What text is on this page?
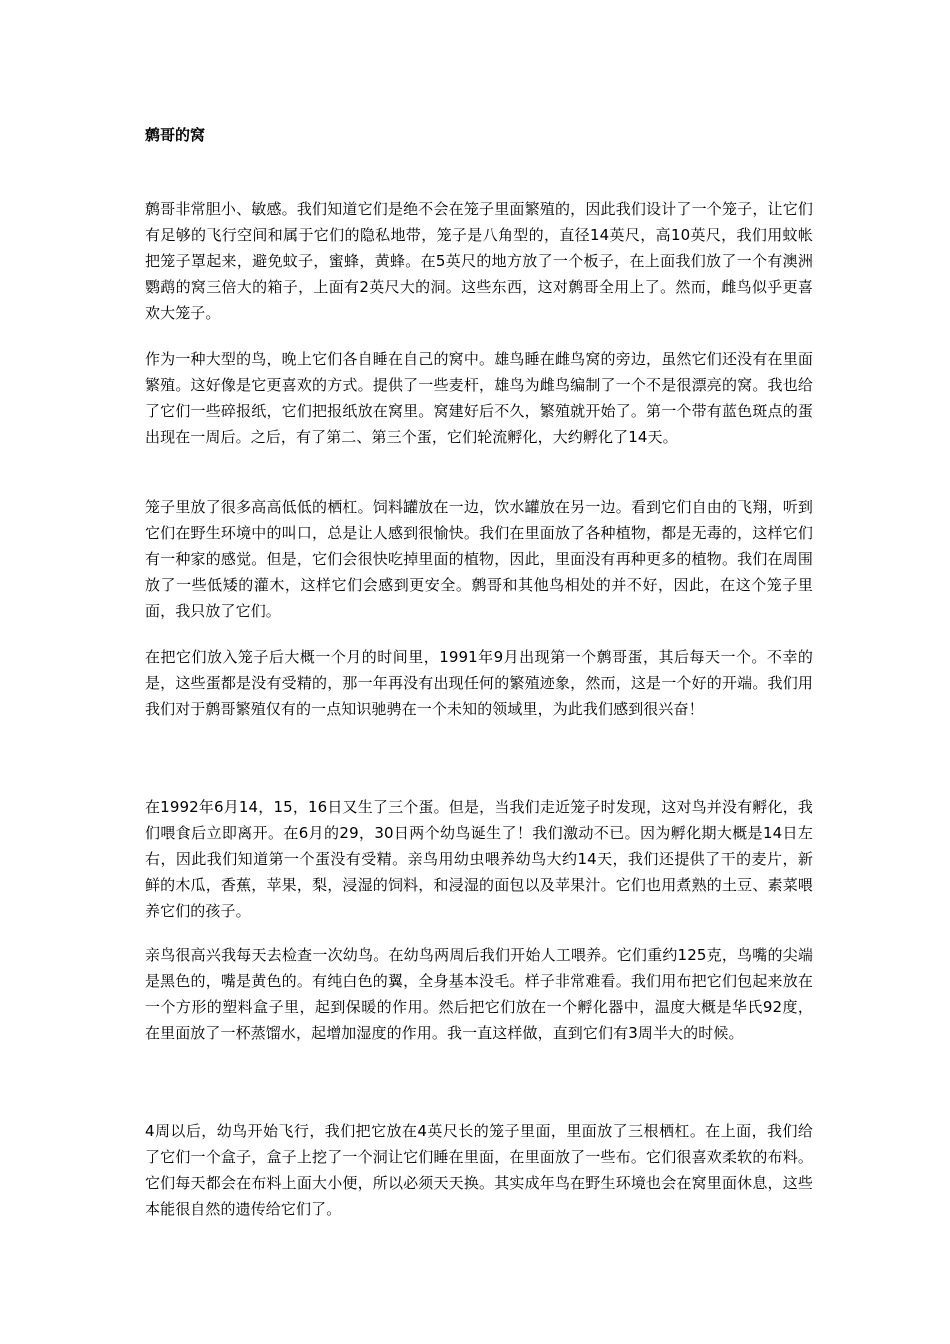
鹩哥的窝

鹩哥非常胆小、敏感。我们知道它们是绝不会在笼子里面繁殖的，因此我们设计了一个笼子，让它们有足够的飞行空间和属于它们的隐私地带，笼子是八角型的，直径14英尺，高10英尺，我们用蚊帐把笼子罩起来，避免蚊子，蜜蜂，黄蜂。在5英尺的地方放了一个板子，在上面我们放了一个有澳洲鹦鹉的窝三倍大的箱子，上面有2英尺大的洞。这些东西，这对鹩哥全用上了。然而，雌鸟似乎更喜欢大笼子。

作为一种大型的鸟，晚上它们各自睡在自己的窝中。雄鸟睡在雌鸟窝的旁边，虽然它们还没有在里面繁殖。这好像是它更喜欢的方式。提供了一些麦杆，雄鸟为雌鸟编制了一个不是很漂亮的窝。我也给了它们一些碎报纸，它们把报纸放在窝里。窝建好后不久，繁殖就开始了。第一个带有蓝色斑点的蛋出现在一周后。之后，有了第二、第三个蛋，它们轮流孵化，大约孵化了14天。

笼子里放了很多高高低低的栖杠。饲料罐放在一边，饮水罐放在另一边。看到它们自由的飞翔，听到它们在野生环境中的叫口，总是让人感到很愉快。我们在里面放了各种植物，都是无毒的，这样它们有一种家的感觉。但是，它们会很快吃掉里面的植物，因此，里面没有再种更多的植物。我们在周围放了一些低矮的灌木，这样它们会感到更安全。鹩哥和其他鸟相处的并不好，因此，在这个笼子里面，我只放了它们。

在把它们放入笼子后大概一个月的时间里，1991年9月出现第一个鹩哥蛋，其后每天一个。不幸的是，这些蛋都是没有受精的，那一年再没有出现任何的繁殖迹象，然而，这是一个好的开端。我们用我们对于鹩哥繁殖仅有的一点知识驰骋在一个未知的领域里，为此我们感到很兴奋！

在1992年6月14，15，16日又生了三个蛋。但是，当我们走近笼子时发现，这对鸟并没有孵化，我们喂食后立即离开。在6月的29，30日两个幼鸟诞生了！我们激动不已。因为孵化期大概是14日左右，因此我们知道第一个蛋没有受精。亲鸟用幼虫喂养幼鸟大约14天，我们还提供了干的麦片，新鲜的木瓜，香蕉，苹果，梨，浸湿的饲料，和浸湿的面包以及苹果汁。它们也用煮熟的土豆、素菜喂养它们的孩子。

亲鸟很高兴我每天去检查一次幼鸟。在幼鸟两周后我们开始人工喂养。它们重约125克，鸟嘴的尖端是黑色的，嘴是黄色的。有纯白色的翼，全身基本没毛。样子非常难看。我们用布把它们包起来放在一个方形的塑料盒子里，起到保暖的作用。然后把它们放在一个孵化器中，温度大概是华氏92度，在里面放了一杯蒸馏水，起增加湿度的作用。我一直这样做，直到它们有3周半大的时候。

4周以后，幼鸟开始飞行，我们把它放在4英尺长的笼子里面，里面放了三根栖杠。在上面，我们给了它们一个盒子，盒子上挖了一个洞让它们睡在里面，在里面放了一些布。它们很喜欢柔软的布料。它们每天都会在布料上面大小便，所以必须天天换。其实成年鸟在野生环境也会在窝里面休息，这些本能很自然的遗传给它们了。
